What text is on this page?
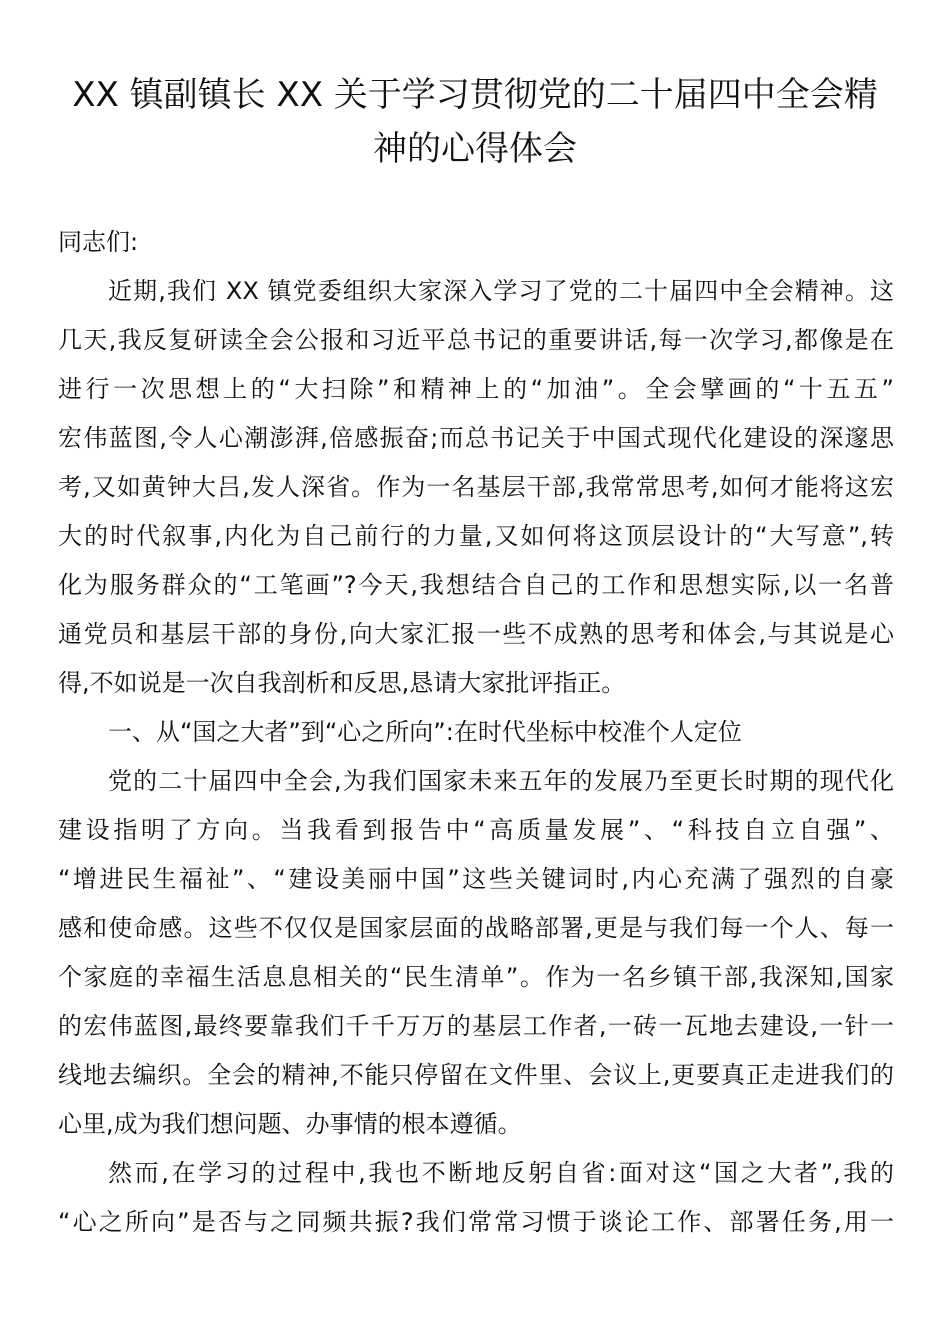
XX 镇副镇长 XX 关于学习贯彻党的二十届四中全会精
神的心得体会
同志们:
近期,我们 XX 镇党委组织大家深入学习了党的二十届四中全会精神。这
几天,我反复研读全会公报和习近平总书记的重要讲话,每一次学习,都像是在
进行一次思想上的“大扫除”和精神上的“加油”。全会擘画的“十五五”
宏伟蓝图,令人心潮澎湃,倍感振奋;而总书记关于中国式现代化建设的深邃思
考,又如黄钟大吕,发人深省。作为一名基层干部,我常常思考,如何才能将这宏
大的时代叙事,内化为自己前行的力量,又如何将这顶层设计的“大写意”,转
化为服务群众的“工笔画”?今天,我想结合自己的工作和思想实际,以一名普
通党员和基层干部的身份,向大家汇报一些不成熟的思考和体会,与其说是心
得,不如说是一次自我剖析和反思,恳请大家批评指正。
一、从“国之大者”到“心之所向”:在时代坐标中校准个人定位
党的二十届四中全会,为我们国家未来五年的发展乃至更长时期的现代化
建设指明了方向。当我看到报告中“高质量发展”、“科技自立自强”、
“增进民生福祉”、“建设美丽中国”这些关键词时,内心充满了强烈的自豪
感和使命感。这些不仅仅是国家层面的战略部署,更是与我们每一个人、每一
个家庭的幸福生活息息相关的“民生清单”。作为一名乡镇干部,我深知,国家
的宏伟蓝图,最终要靠我们千千万万的基层工作者,一砖一瓦地去建设,一针一
线地去编织。全会的精神,不能只停留在文件里、会议上,更要真正走进我们的
心里,成为我们想问题、办事情的根本遵循。
然而,在学习的过程中,我也不断地反躬自省:面对这“国之大者”,我的
“心之所向”是否与之同频共振?我们常常习惯于谈论工作、部署任务,用一
